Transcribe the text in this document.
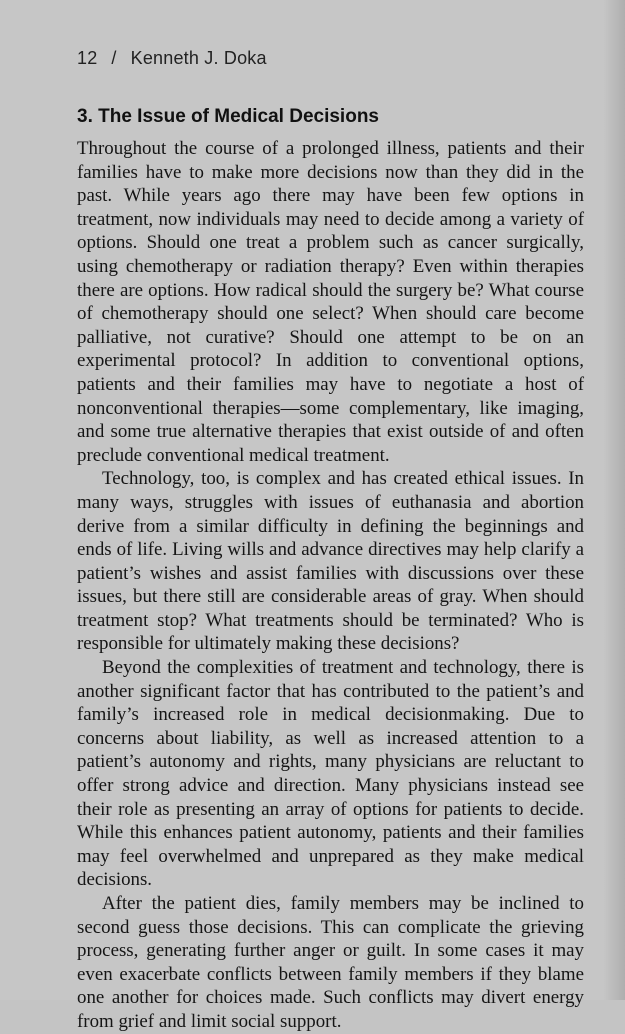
12 / Kenneth J. Doka
3. The Issue of Medical Decisions

Throughout the course of a prolonged illness, patients and their families have to make more decisions now than they did in the past. While years ago there may have been few options in treatment, now individuals may need to decide among a variety of options. Should one treat a problem such as cancer surgically, using chemotherapy or radiation therapy? Even within therapies there are options. How radical should the surgery be? What course of chemotherapy should one select? When should care become palliative, not curative? Should one attempt to be on an experimental protocol? In addition to conventional options, patients and their families may have to negotiate a host of nonconventional therapies—some complementary, like imaging, and some true alternative therapies that exist outside of and often preclude conventional medical treatment.

Technology, too, is complex and has created ethical issues. In many ways, struggles with issues of euthanasia and abortion derive from a similar difficulty in defining the beginnings and ends of life. Living wills and advance directives may help clarify a patient’s wishes and assist families with discussions over these issues, but there still are considerable areas of gray. When should treatment stop? What treatments should be terminated? Who is responsible for ultimately making these decisions?

Beyond the complexities of treatment and technology, there is another significant factor that has contributed to the patient’s and family’s increased role in medical decisionmaking. Due to concerns about liability, as well as increased attention to a patient’s autonomy and rights, many physicians are reluctant to offer strong advice and direction. Many physicians instead see their role as presenting an array of options for patients to decide. While this enhances patient autonomy, patients and their families may feel overwhelmed and unprepared as they make medical decisions.

After the patient dies, family members may be inclined to second guess those decisions. This can complicate the grieving process, generating further anger or guilt. In some cases it may even exacerbate conflicts between family members if they blame one another for choices made. Such conflicts may divert energy from grief and limit social support.
